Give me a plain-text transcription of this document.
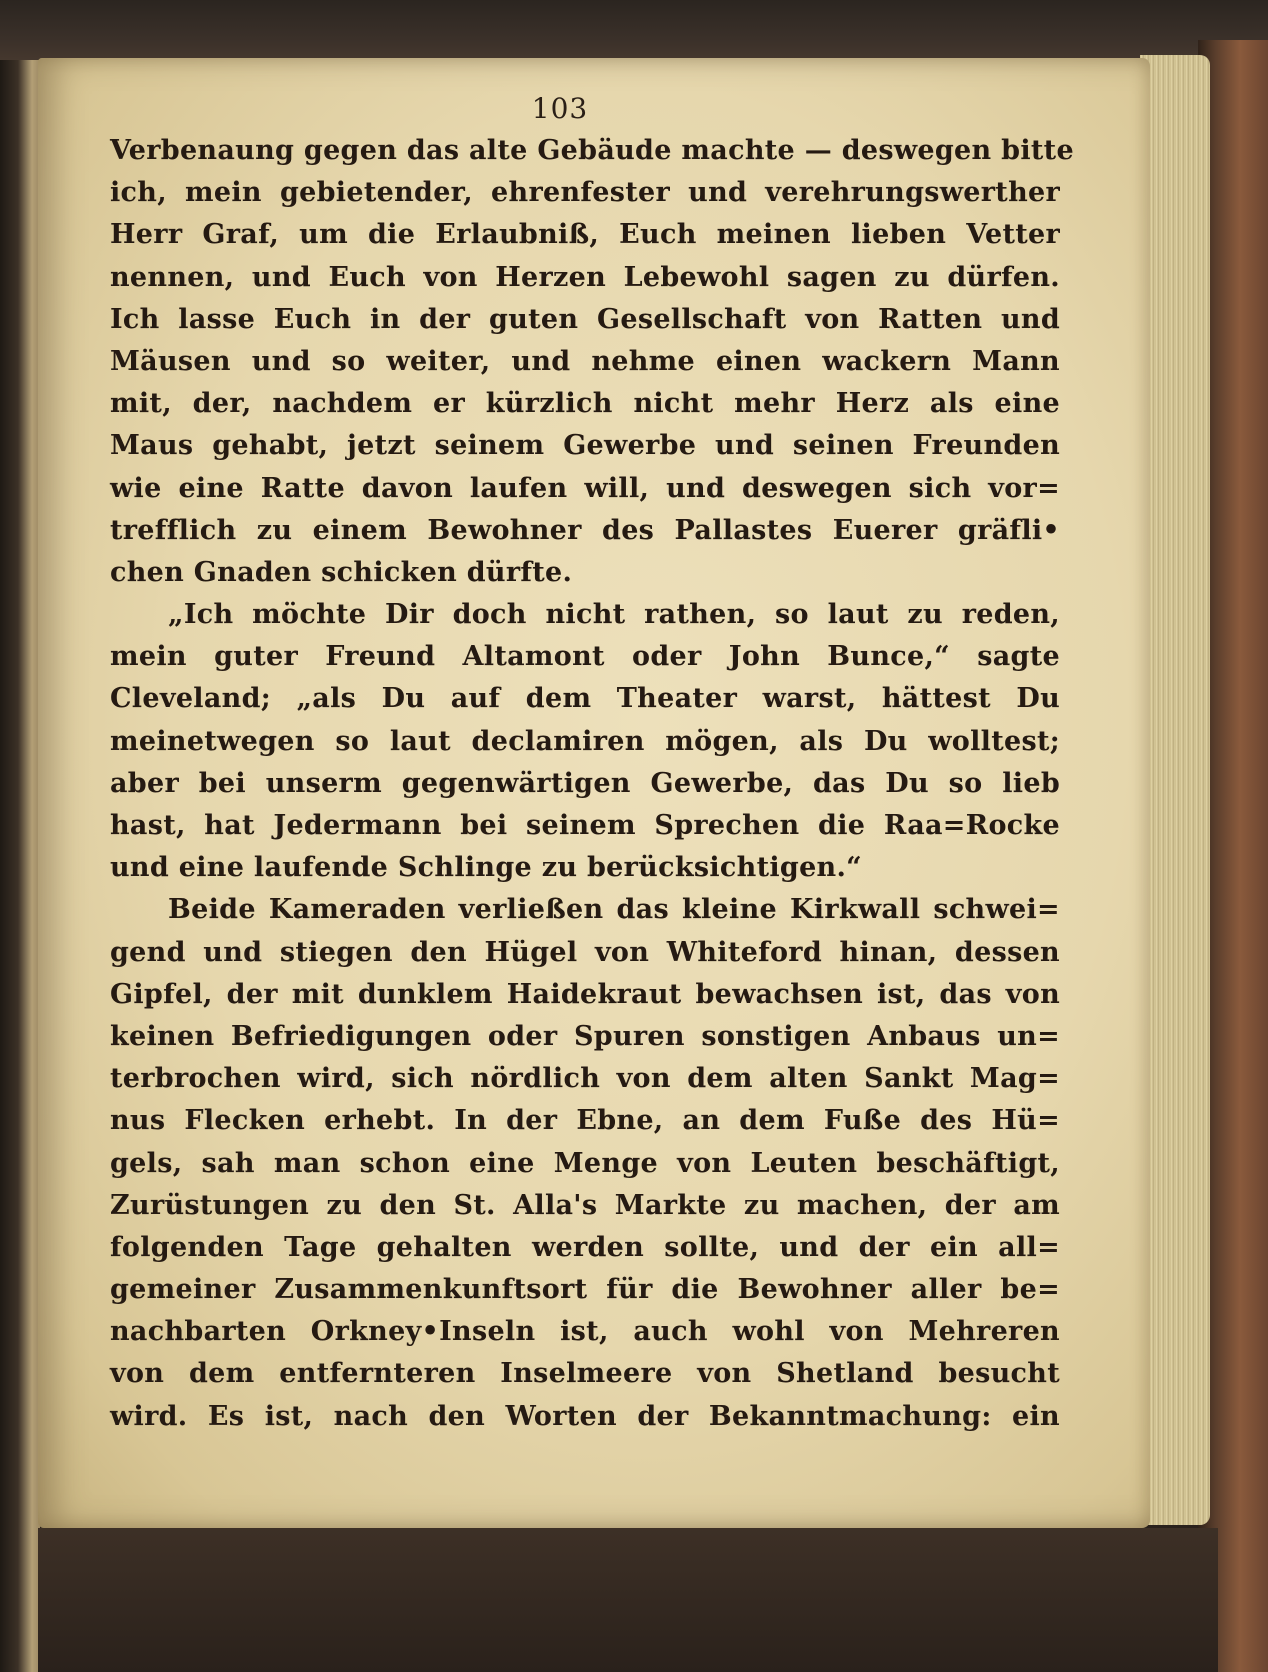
103
Verbenaung gegen das alte Gebäude machte — deswegen bitte
ich, mein gebietender, ehrenfester und verehrungswerther
Herr Graf, um die Erlaubniß, Euch meinen lieben Vetter
nennen, und Euch von Herzen Lebewohl sagen zu dürfen.
Ich lasse Euch in der guten Gesellschaft von Ratten und
Mäusen und so weiter, und nehme einen wackern Mann
mit, der, nachdem er kürzlich nicht mehr Herz als eine
Maus gehabt, jetzt seinem Gewerbe und seinen Freunden
wie eine Ratte davon laufen will, und deswegen sich vor=
trefflich zu einem Bewohner des Pallastes Euerer gräfli•
chen Gnaden schicken dürfte.
„Ich möchte Dir doch nicht rathen, so laut zu reden,
mein guter Freund Altamont oder John Bunce,“ sagte
Cleveland; „als Du auf dem Theater warst, hättest Du
meinetwegen so laut declamiren mögen, als Du wolltest;
aber bei unserm gegenwärtigen Gewerbe, das Du so lieb
hast, hat Jedermann bei seinem Sprechen die Raa=Rocke
und eine laufende Schlinge zu berücksichtigen.“
Beide Kameraden verließen das kleine Kirkwall schwei=
gend und stiegen den Hügel von Whiteford hinan, dessen
Gipfel, der mit dunklem Haidekraut bewachsen ist, das von
keinen Befriedigungen oder Spuren sonstigen Anbaus un=
terbrochen wird, sich nördlich von dem alten Sankt Mag=
nus Flecken erhebt. In der Ebne, an dem Fuße des Hü=
gels, sah man schon eine Menge von Leuten beschäftigt,
Zurüstungen zu den St. Alla's Markte zu machen, der am
folgenden Tage gehalten werden sollte, und der ein all=
gemeiner Zusammenkunftsort für die Bewohner aller be=
nachbarten Orkney•Inseln ist, auch wohl von Mehreren
von dem entfernteren Inselmeere von Shetland besucht
wird. Es ist, nach den Worten der Bekanntmachung: ein
